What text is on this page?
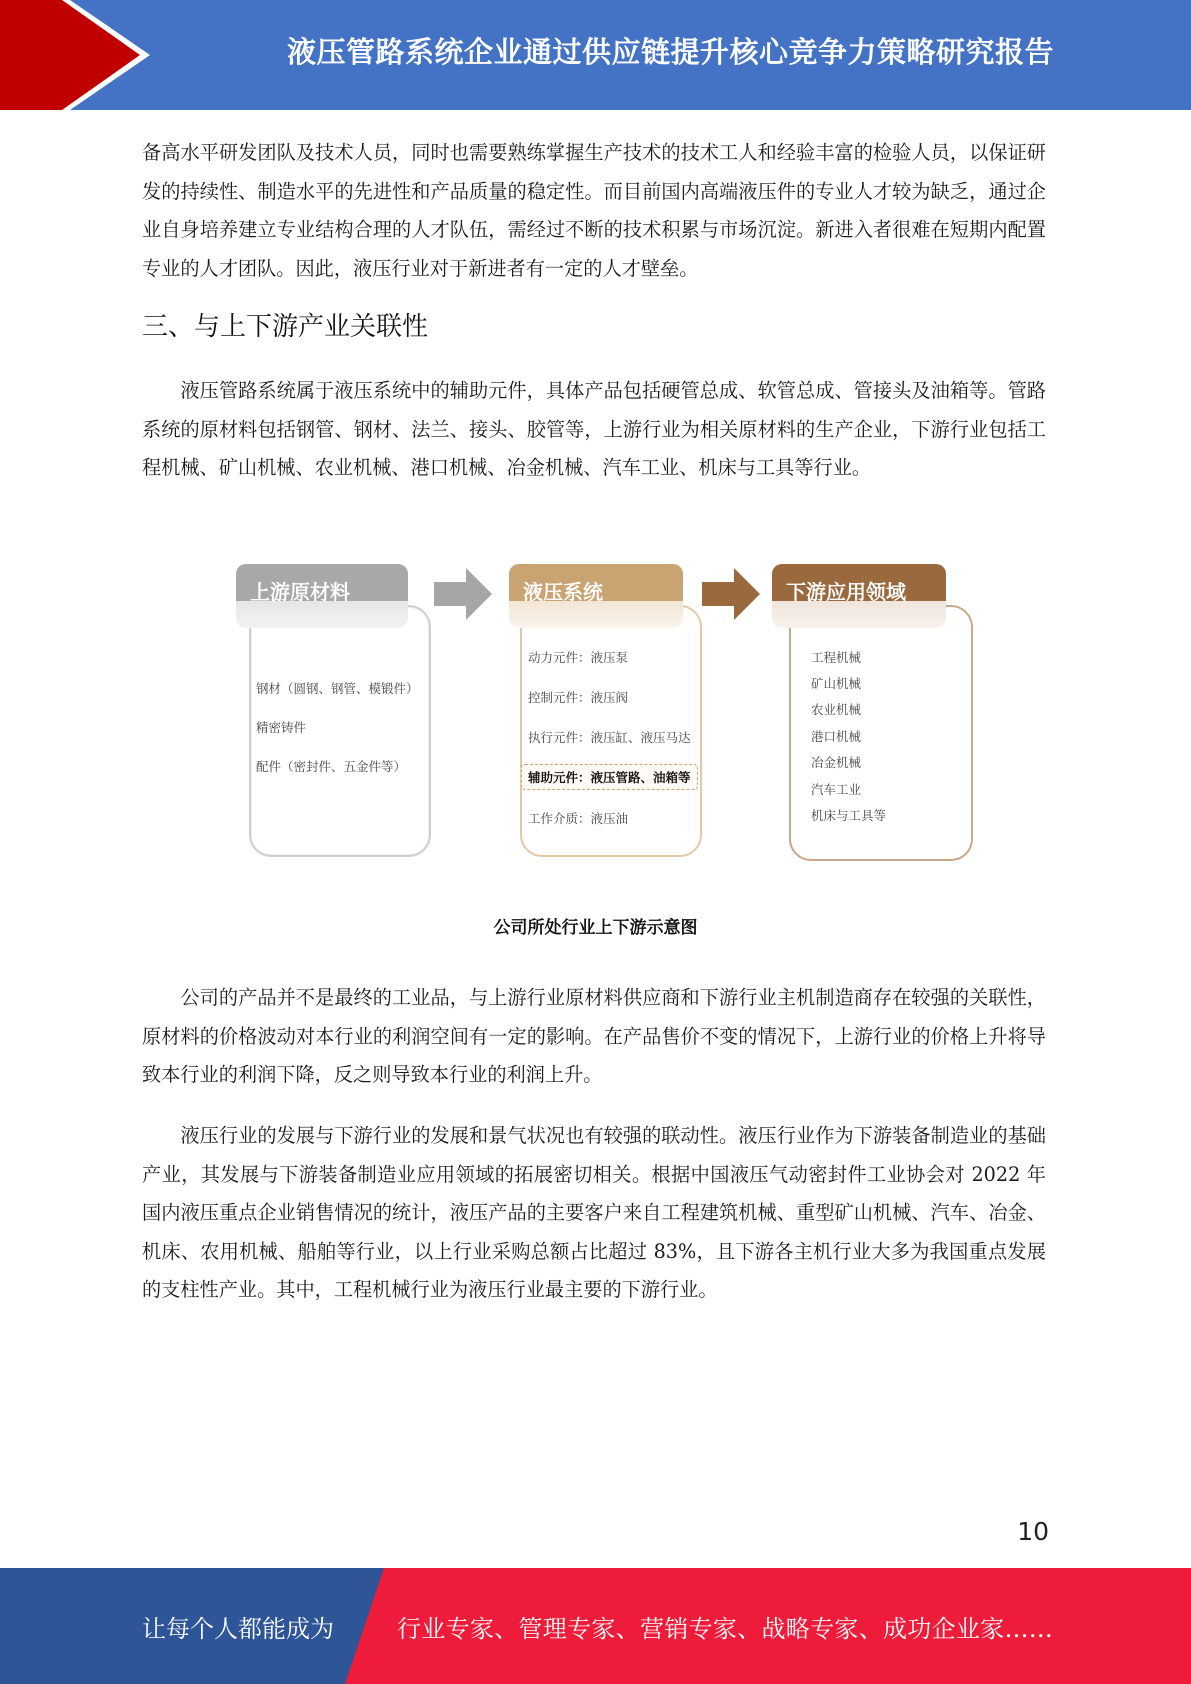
液压管路系统企业通过供应链提升核心竞争力策略研究报告

备高水平研发团队及技术人员，同时也需要熟练掌握生产技术的技术工人和经验丰富的检验人员，以保证研发的持续性、制造水平的先进性和产品质量的稳定性。而目前国内高端液压件的专业人才较为缺乏，通过企业自身培养建立专业结构合理的人才队伍，需经过不断的技术积累与市场沉淀。新进入者很难在短期内配置专业的人才团队。因此，液压行业对于新进者有一定的人才壁垒。

三、与上下游产业关联性

液压管路系统属于液压系统中的辅助元件，具体产品包括硬管总成、软管总成、管接头及油箱等。管路系统的原材料包括钢管、钢材、法兰、接头、胶管等，上游行业为相关原材料的生产企业，下游行业包括工程机械、矿山机械、农业机械、港口机械、冶金机械、汽车工业、机床与工具等行业。

上游原材料
钢材（圆钢、钢管、模锻件）
精密铸件
配件（密封件、五金件等）
液压系统
动力元件：液压泵
控制元件：液压阀
执行元件：液压缸、液压马达
辅助元件：液压管路、油箱等
工作介质：液压油
下游应用领域
工程机械
矿山机械
农业机械
港口机械
冶金机械
汽车工业
机床与工具等
公司所处行业上下游示意图

公司的产品并不是最终的工业品，与上游行业原材料供应商和下游行业主机制造商存在较强的关联性，原材料的价格波动对本行业的利润空间有一定的影响。在产品售价不变的情况下，上游行业的价格上升将导致本行业的利润下降，反之则导致本行业的利润上升。

液压行业的发展与下游行业的发展和景气状况也有较强的联动性。液压行业作为下游装备制造业的基础产业，其发展与下游装备制造业应用领域的拓展密切相关。根据中国液压气动密封件工业协会对 2022 年国内液压重点企业销售情况的统计，液压产品的主要客户来自工程建筑机械、重型矿山机械、汽车、冶金、机床、农用机械、船舶等行业，以上行业采购总额占比超过 83%，且下游各主机行业大多为我国重点发展的支柱性产业。其中，工程机械行业为液压行业最主要的下游行业。

10
让每个人都能成为	行业专家、管理专家、营销专家、战略专家、成功企业家……
